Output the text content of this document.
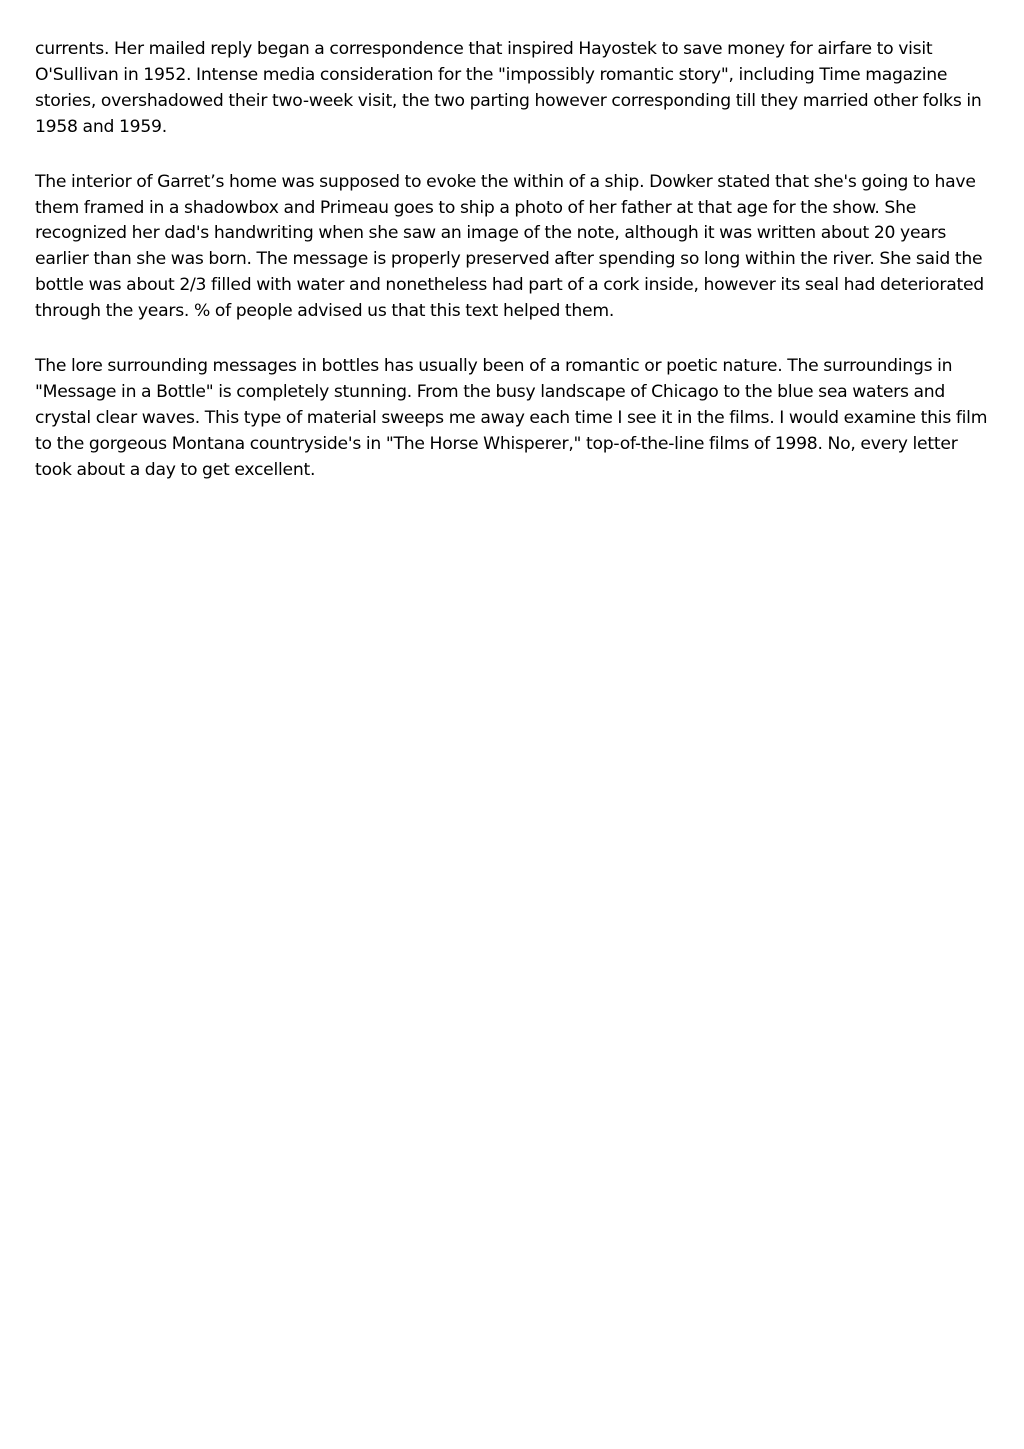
currents. Her mailed reply began a correspondence that inspired Hayostek to save money for airfare to visit O'Sullivan in 1952. Intense media consideration for the "impossibly romantic story", including Time magazine stories, overshadowed their two-week visit, the two parting however corresponding till they married other folks in 1958 and 1959.

The interior of Garret’s home was supposed to evoke the within of a ship. Dowker stated that she's going to have them framed in a shadowbox and Primeau goes to ship a photo of her father at that age for the show. She recognized her dad's handwriting when she saw an image of the note, although it was written about 20 years earlier than she was born. The message is properly preserved after spending so long within the river. She said the bottle was about 2/3 filled with water and nonetheless had part of a cork inside, however its seal had deteriorated through the years. % of people advised us that this text helped them.

The lore surrounding messages in bottles has usually been of a romantic or poetic nature. The surroundings in "Message in a Bottle" is completely stunning. From the busy landscape of Chicago to the blue sea waters and crystal clear waves. This type of material sweeps me away each time I see it in the films. I would examine this film to the gorgeous Montana countryside's in "The Horse Whisperer," top-of-the-line films of 1998. No, every letter took about a day to get excellent.
